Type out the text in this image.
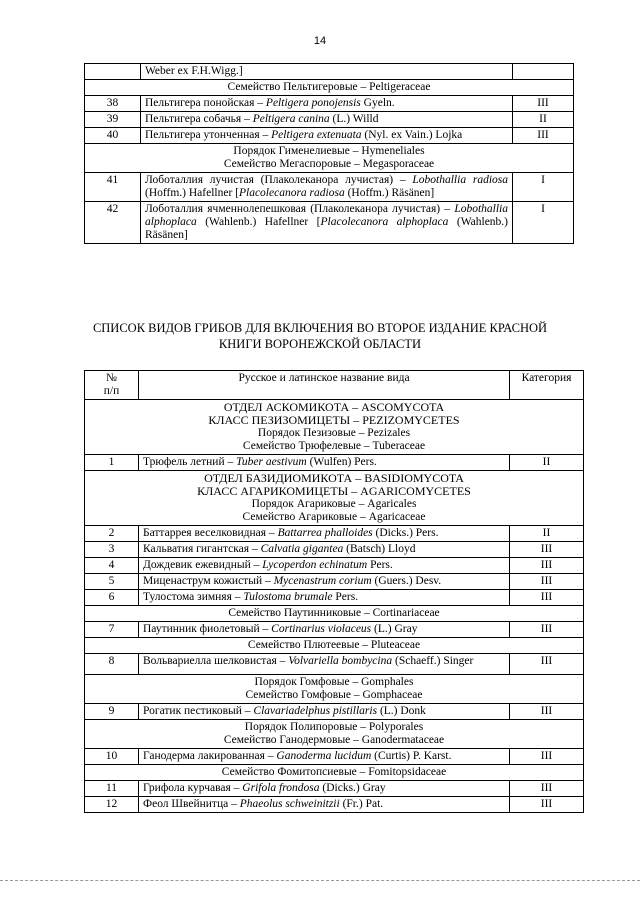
14
	Weber ex F.H.Wigg.]	
Семейство Пельтигеровые – Peltigeraceae		
38	Пельтигера понойская – Peltigera ponojensis Gyeln.	III
39	Пельтигера собачья – Peltigera canina (L.) Willd	II
40	Пельтигера утонченная – Peltigera extenuata (Nyl. ex Vain.) Lojka	III

Порядок Гименелиевые – Hymeneliales
Семейство Мегаспоровые – Megasporaceae		

41	Лоботаллия лучистая (Плаколеканора лучистая) – Lobothallia radiosa (Hoffm.) Hafellner [Placolecanora radiosa (Hoffm.) Räsänen]	I
42	Лоботаллия ячменнолепешковая (Плаколеканора лучистая) – Lobothallia alphoplaca (Wahlenb.) Hafellner [Placolecanora alphoplaca (Wahlenb.) Räsänen]	I
СПИСОК ВИДОВ ГРИБОВ ДЛЯ ВКЛЮЧЕНИЯ ВО ВТОРОЕ ИЗДАНИЕ КРАСНОЙ
КНИГИ ВОРОНЕЖСКОЙ ОБЛАСТИ
№
п/п	Русское и латинское название вида	Категория

ОТДЕЛ АСКОМИКОТА – ASCOMYCOTA
КЛАСС ПЕЗИЗОМИЦЕТЫ – PEZIZOMYCETES
Порядок Пезизовые – Pezizales
Семейство Трюфелевые – Tuberaceae		

1	Трюфель летний – Tuber aestivum (Wulfen) Pers.	II

ОТДЕЛ БАЗИДИОМИКОТА – BASIDIOMYCOTA
КЛАСС АГАРИКОМИЦЕТЫ – AGARICOMYCETES
Порядок Агариковые – Agaricales
Семейство Агариковые – Agaricaceae		

2	Баттаррея веселковидная – Battarrea phalloides (Dicks.) Pers.	II
3	Кальватия гигантская – Calvatia gigantea (Batsch) Lloyd	III
4	Дождевик ежевидный – Lycoperdon echinatum Pers.	III
5	Миценаструм кожистый – Mycenastrum corium (Guers.) Desv.	III
6	Тулостома зимняя – Tulostoma brumale Pers.	III
Семейство Паутинниковые – Cortinariaceae		
7	Паутинник фиолетовый – Cortinarius violaceus (L.) Gray	III
Семейство Плютеевые – Pluteaceae		
8	Вольвариелла шелковистая – Volvariella bombycina (Schaeff.) Singer	III

Порядок Гомфовые – Gomphales
Семейство Гомфовые – Gomphaceae		

9	Рогатик пестиковый – Clavariadelphus pistillaris (L.) Donk	III

Порядок Полипоровые – Polyporales
Семейство Ганодермовые – Ganodermataceae		

10	Ганодерма лакированная – Ganoderma lucidum (Curtis) P. Karst.	III
Семейство Фомитопсиевые – Fomitopsidaceae		
11	Грифола курчавая – Grifola frondosa (Dicks.) Gray	III
12	Феол Швейнитца – Phaeolus schweinitzii (Fr.) Pat.	III
